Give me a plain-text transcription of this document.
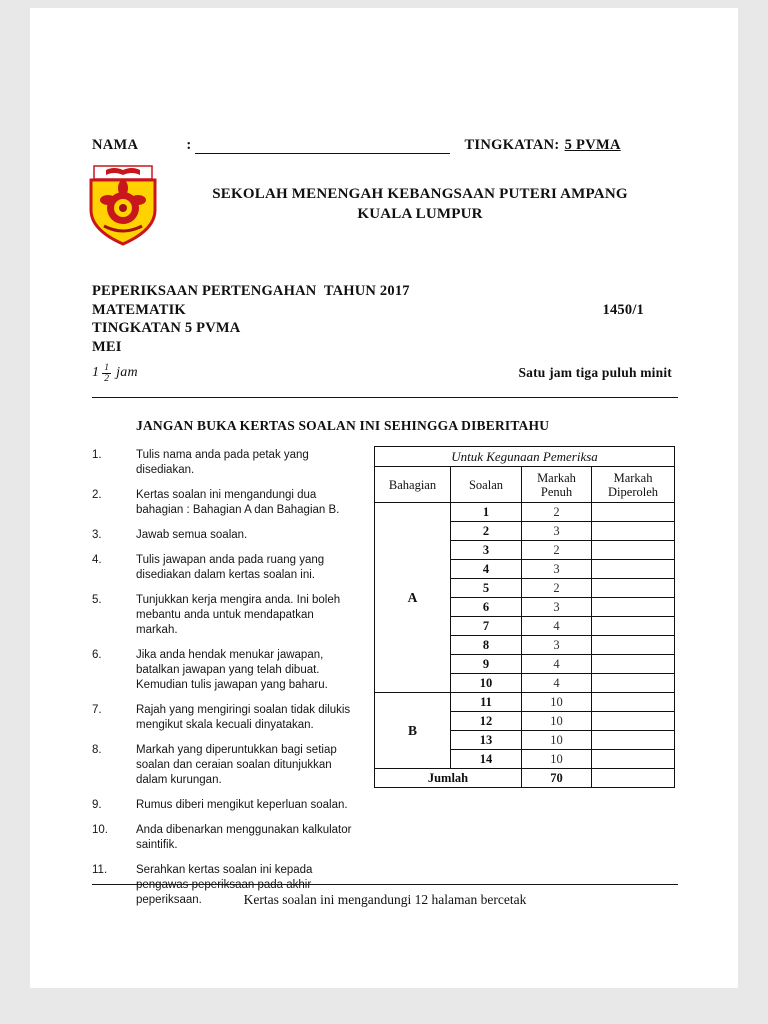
NAMA	:	TINGKATAN: 5 PVMA
SEKOLAH MENENGAH KEBANGSAAN PUTERI AMPANG
KUALA LUMPUR
PEPERIKSAAN PERTENGAHAN  TAHUN 2017
MATEMATIK	1450/1
TINGKATAN 5 PVMA
MEI
$1 \frac{1}{2}$ jam	Satu jam tiga puluh minit
JANGAN BUKA KERTAS SOALAN INI SEHINGGA DIBERITAHU
1.	Tulis nama anda pada petak yang disediakan.
2.	Kertas soalan ini mengandungi dua bahagian : Bahagian A dan Bahagian B.
3.	Jawab semua soalan.
4.	Tulis jawapan anda pada ruang yang disediakan dalam kertas soalan ini.
5.	Tunjukkan kerja mengira anda. Ini boleh mebantu anda untuk mendapatkan markah.
6.	Jika anda hendak menukar jawapan, batalkan jawapan yang telah dibuat. Kemudian tulis jawapan yang baharu.
7.	Rajah yang mengiringi soalan tidak dilukis mengikut skala kecuali dinyatakan.
8.	Markah yang diperuntukkan bagi setiap soalan dan ceraian soalan ditunjukkan dalam kurungan.
9.	Rumus diberi mengikut keperluan soalan.
10.	Anda dibenarkan menggunakan kalkulator saintifik.
11.	Serahkan kertas soalan ini kepada pengawas peperiksaan pada akhir peperiksaan.
Untuk Kegunaan Pemeriksa			
Bahagian	Soalan	Markah Penuh	Markah Diperoleh
A	1	2	
	2	3	
	3	2	
	4	3	
	5	2	
	6	3	
	7	4	
	8	3	
	9	4	
	10	4	
B	11	10	
	12	10	
	13	10	
	14	10	
Jumlah		70	
Kertas soalan ini mengandungi 12 halaman bercetak
